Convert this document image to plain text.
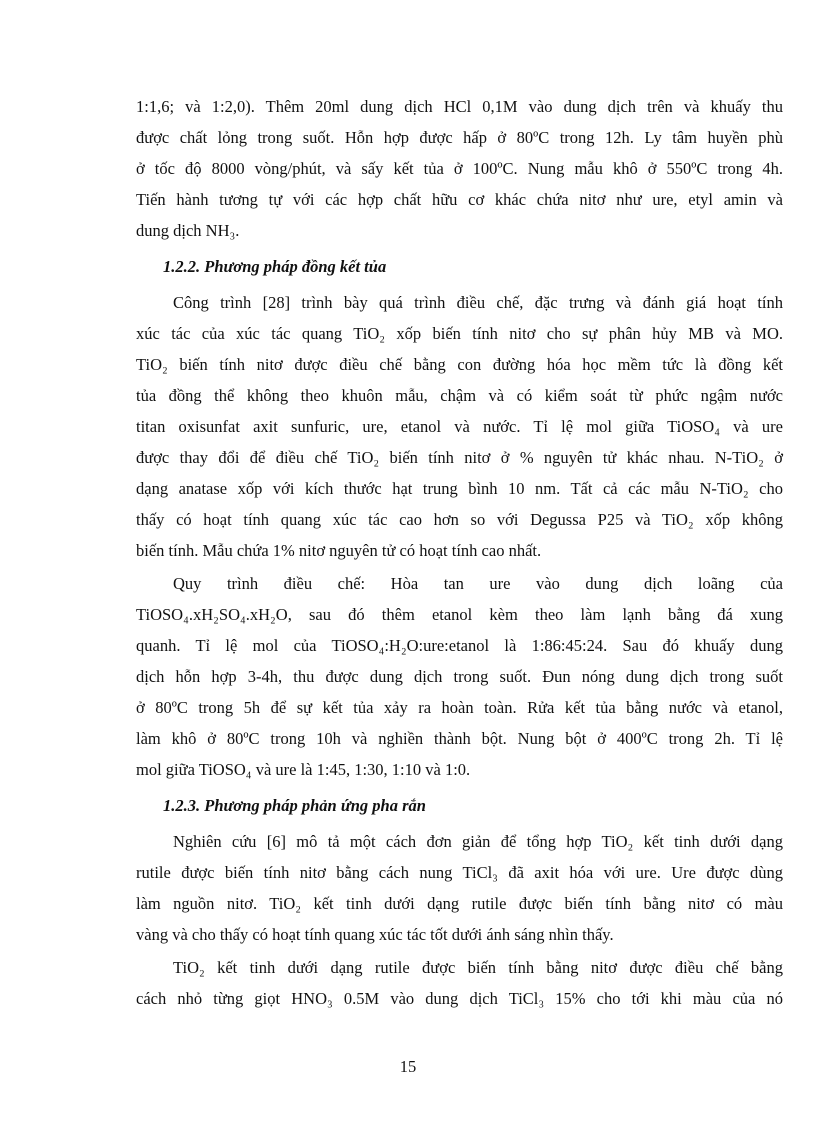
1:1,6; và 1:2,0). Thêm 20ml dung dịch HCl 0,1M vào dung dịch trên và khuấy thu
được chất lỏng trong suốt. Hỗn hợp được hấp ở 80ºC trong 12h. Ly tâm huyền phù
ở tốc độ 8000 vòng/phút, và sấy kết tủa ở 100ºC. Nung mẫu khô ở 550ºC trong 4h.
Tiến hành tương tự với các hợp chất hữu cơ khác chứa nitơ như ure, etyl amin và
dung dịch NH₃.
1.2.2. Phương pháp đồng kết tủa
Công trình [28] trình bày quá trình điều chế, đặc trưng và đánh giá hoạt tính
xúc tác của xúc tác quang TiO₂ xốp biến tính nitơ cho sự phân hủy MB và MO.
TiO₂ biến tính nitơ được điều chế bằng con đường hóa học mềm tức là đồng kết
tủa đồng thể không theo khuôn mẫu, chậm và có kiểm soát từ phức ngậm nước
titan oxisunfat axit sunfuric, ure, etanol và nước. Tỉ lệ mol giữa TiOSO₄ và ure
được thay đổi để điều chế TiO₂ biến tính nitơ ở % nguyên tử khác nhau. N-TiO₂ ở
dạng anatase xốp với kích thước hạt trung bình 10 nm. Tất cả các mẫu N-TiO₂ cho
thấy có hoạt tính quang xúc tác cao hơn so với Degussa P25 và TiO₂ xốp không
biến tính. Mẫu chứa 1% nitơ nguyên tử có hoạt tính cao nhất.
Quy trình điều chế: Hòa tan ure vào dung dịch loãng của
TiOSO₄.xH₂SO₄.xH₂O, sau đó thêm etanol kèm theo làm lạnh bằng đá xung
quanh. Tỉ lệ mol của TiOSO₄:H₂O:ure:etanol là 1:86:45:24. Sau đó khuấy dung
dịch hỗn hợp 3-4h, thu được dung dịch trong suốt. Đun nóng dung dịch trong suốt
ở 80ºC trong 5h để sự kết tủa xảy ra hoàn toàn. Rửa kết tủa bằng nước và etanol,
làm khô ở 80ºC trong 10h và nghiền thành bột. Nung bột ở 400ºC trong 2h. Tỉ lệ
mol giữa TiOSO₄ và ure là 1:45, 1:30, 1:10 và 1:0.
1.2.3. Phương pháp phản ứng pha rắn
Nghiên cứu [6] mô tả một cách đơn giản để tổng hợp TiO₂ kết tinh dưới dạng
rutile được biến tính nitơ bằng cách nung TiCl₃ đã axit hóa với ure. Ure được dùng
làm nguồn nitơ. TiO₂ kết tinh dưới dạng rutile được biến tính bằng nitơ có màu
vàng và cho thấy có hoạt tính quang xúc tác tốt dưới ánh sáng nhìn thấy.
TiO₂ kết tinh dưới dạng rutile được biến tính bằng nitơ được điều chế bằng
cách nhỏ từng giọt HNO₃ 0.5M vào dung dịch TiCl₃ 15% cho tới khi màu của nó
15
